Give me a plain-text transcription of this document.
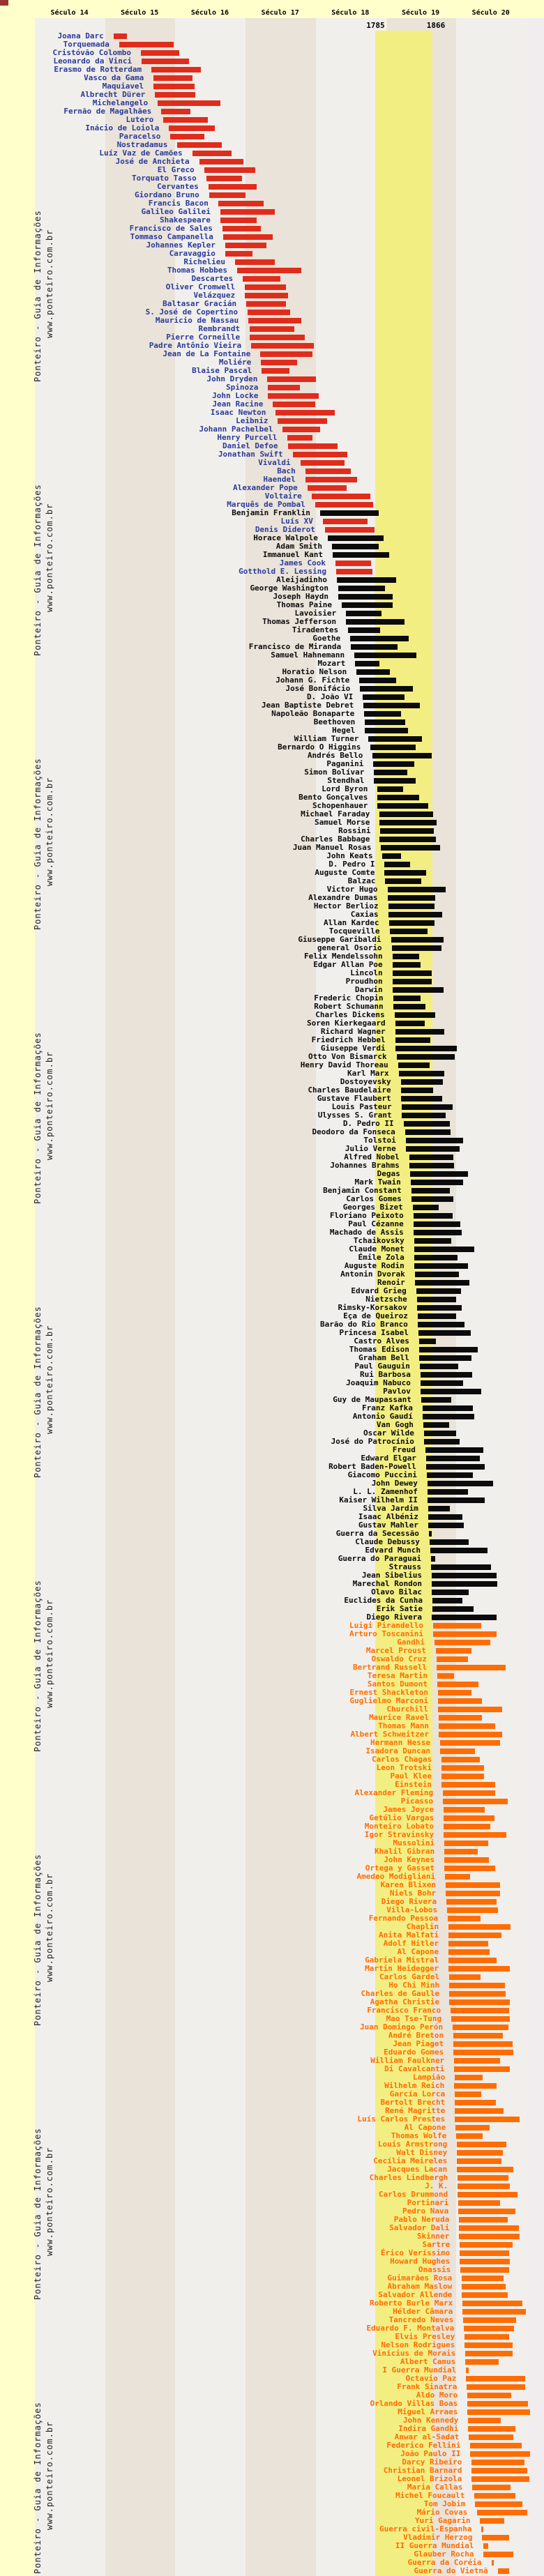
Século 14	Século 15	Século 16	Século 17	Século 18	Século 19	Século 20
1785	1866
Ponteiro - Guia de Informações www.ponteiro.com.br
Ponteiro - Guia de Informações www.ponteiro.com.br
Ponteiro - Guia de Informações www.ponteiro.com.br
Ponteiro - Guia de Informações www.ponteiro.com.br
Ponteiro - Guia de Informações www.ponteiro.com.br
Ponteiro - Guia de Informações www.ponteiro.com.br
Ponteiro - Guia de Informações www.ponteiro.com.br
Ponteiro - Guia de Informações www.ponteiro.com.br
Ponteiro - Guia de Informações www.ponteiro.com.br
Joana Darc
Torquemada
Cristóvão Colombo
Leonardo da Vinci
Erasmo de Rotterdam
Vasco da Gama
Maquiavel
Albrecht Dürer
Michelangelo
Fernão de Magalhães
Lutero
Inácio de Loiola
Paracelso
Nostradamus
Luíz Vaz de Camões
José de Anchieta
El Greco
Torquato Tasso
Cervantes
Giordano Bruno
Francis Bacon
Galileo Galilei
Shakespeare
Francisco de Sales
Tommaso Campanella
Johannes Kepler
Caravaggio
Richelieu
Thomas Hobbes
Descartes
Oliver Cromwell
Velázquez
Baltasar Gracián
S. José de Copertino
Mauricio de Nassau
Rembrandt
Pierre Corneille
Padre Antônio Vieira
Jean de La Fontaine
Moliére
Blaise Pascal
John Dryden
Spinoza
John Locke
Jean Racine
Isaac Newton
Leibniz
Johann Pachelbel
Henry Purcell
Daniel Defoe
Jonathan Swift
Vivaldi
Bach
Haendel
Alexander Pope
Voltaire
Marquês de Pombal
Benjamin Franklin
Luís XV
Denis Diderot
Horace Walpole
Adam Smith
Immanuel Kant
James Cook
Gotthold E. Lessing
Aleijadinho
George Washington
Joseph Haydn
Thomas Paine
Lavoisier
Thomas Jefferson
Tiradentes
Goethe
Francisco de Miranda
Samuel Hahnemann
Mozart
Horatio Nelson
Johann G. Fichte
José Bonifácio
D. João VI
Jean Baptiste Debret
Napoleão Bonaparte
Beethoven
Hegel
William Turner
Bernardo O Higgins
Andrés Bello
Paganini
Simon Bolívar
Stendhal
Lord Byron
Bento Gonçalves
Schopenhauer
Michael Faraday
Samuel Morse
Rossini
Charles Babbage
Juan Manuel Rosas
John Keats
D. Pedro I
Auguste Comte
Balzac
Victor Hugo
Alexandre Dumas
Hector Berlioz
Caxias
Allan Kardec
Tocqueville
Giuseppe Garibaldi
general Osorio
Felix Mendelssohn
Edgar Allan Poe
Lincoln
Proudhon
Darwin
Frederic Chopin
Robert Schumann
Charles Dickens
Soren Kierkegaard
Richard Wagner
Friedrich Hebbel
Giuseppe Verdi
Otto Von Bismarck
Henry David Thoreau
Karl Marx
Dostoyevsky
Charles Baudelaire
Gustave Flaubert
Louis Pasteur
Ulysses S. Grant
D. Pedro II
Deodoro da Fonseca
Tolstoi
Julio Verne
Alfred Nobel
Johannes Brahms
Degas
Mark Twain
Benjamin Constant
Carlos Gomes
Georges Bizet
Floriano Peixoto
Paul Cézanne
Machado de Assis
Tchaikovsky
Claude Monet
Émile Zola
Auguste Rodin
Antonin Dvorak
Renoir
Edvard Grieg
Nietzsche
Rimsky-Korsakov
Eça de Queiroz
Barão do Rio Branco
Princesa Isabel
Castro Alves
Thomas Edison
Graham Bell
Paul Gauguin
Rui Barbosa
Joaquim Nabuco
Pavlov
Guy de Maupassant
Franz Kafka
Antonio Gaudí
Van Gogh
Oscar Wilde
José do Patrocínio
Freud
Edward Elgar
Robert Baden-Powell
Giacomo Puccini
John Dewey
L. L. Zamenhof
Kaiser Wilhelm II
Silva Jardim
Isaac Albéniz
Gustav Mahler
Guerra da Secessão
Claude Debussy
Edvard Munch
Guerra do Paraguai
Strauss
Jean Sibelius
Marechal Rondon
Olavo Bilac
Euclides da Cunha
Erik Satie
Diego Rivera
Luigi Pirandello
Arturo Toscanini
Gandhi
Marcel Proust
Oswaldo Cruz
Bertrand Russell
Teresa Martin
Santos Dumont
Ernest Shackleton
Guglielmo Marconi
Churchill
Maurice Ravel
Thomas Mann
Albert Schweitzer
Hermann Hesse
Isadora Duncan
Carlos Chagas
Leon Trotski
Paul Klee
Einstein
Alexander Fleming
Picasso
James Joyce
Getúlio Vargas
Monteiro Lobato
Igor Stravinsky
Mussolini
Khalil Gibran
John Keynes
Ortega y Gasset
Amedeo Modigliani
Karen Blixen
Niels Bohr
Diego Rivera
Villa-Lobos
Fernando Pessoa
Chaplin
Anita Malfati
Adolf Hitler
Al Capone
Gabriela Mistral
Martin Heidegger
Carlos Gardel
Ho Chi Minh
Charles de Gaulle
Agatha Christie
Francisco Franco
Mao Tse-Tung
Juan Domingo Perón
André Breton
Jean Piaget
Eduardo Gomes
William Faulkner
Di Cavalcanti
Lampião
Wilhelm Reich
García Lorca
Bertolt Brecht
René Magritte
Luís Carlos Prestes
Al Capone
Thomas Wolfe
Louis Armstrong
Walt Disney
Cecília Meireles
Jacques Lacan
Charles Lindbergh
J. K.
Carlos Drummond
Portinari
Pedro Nava
Pablo Neruda
Salvador Dali
Skinner
Sartre
Érico Veríssimo
Howard Hughes
Onassis
Guimarães Rosa
Abraham Maslow
Salvador Allende
Roberto Burle Marx
Hélder Câmara
Tancredo Neves
Eduardo F. Montalva
Elvis Presley
Nelson Rodrigues
Vinícius de Morais
Albert Camus
I Guerra Mundial
Octavio Paz
Frank Sinatra
Aldo Moro
Orlando Villas Boas
Miguel Arraes
John Kennedy
Indira Gandhi
Anwar al-Sadat
Federico Fellini
João Paulo II
Darcy Ribeiro
Christian Barnard
Leonel Brizola
Maria Callas
Michel Foucault
Tom Jobim
Mário Covas
Yuri Gagarin
Guerra civil-Espanha
Vladimir Herzog
II Guerra Mundial
Glauber Rocha
Guerra da Coréia
Guerra do Vietnã
